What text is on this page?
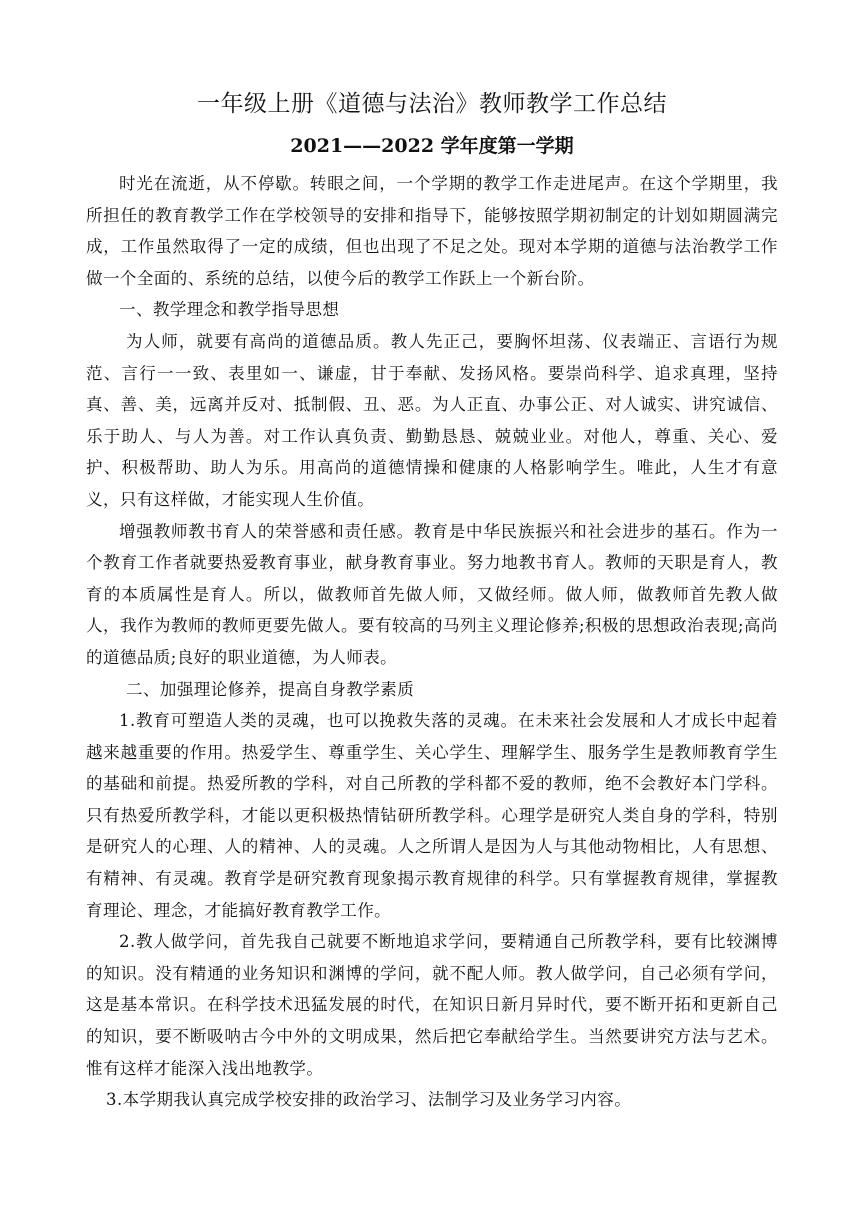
一年级上册《道德与法治》教师教学工作总结
2021——2022 学年度第一学期

时光在流逝，从不停歇。转眼之间，一个学期的教学工作走进尾声。在这个学期里，我所担任的教育教学工作在学校领导的安排和指导下，能够按照学期初制定的计划如期圆满完成，工作虽然取得了一定的成绩，但也出现了不足之处。现对本学期的道德与法治教学工作做一个全面的、系统的总结，以使今后的教学工作跃上一个新台阶。

一、教学理念和教学指导思想

为人师，就要有高尚的道德品质。教人先正己，要胸怀坦荡、仪表端正、言语行为规范、言行一一致、表里如一、谦虚，甘于奉献、发扬风格。要崇尚科学、追求真理，坚持真、善、美，远离并反对、抵制假、丑、恶。为人正直、办事公正、对人诚实、讲究诚信、乐于助人、与人为善。对工作认真负责、勤勤恳恳、兢兢业业。对他人，尊重、关心、爱护、积极帮助、助人为乐。用高尚的道德情操和健康的人格影响学生。唯此，人生才有意义，只有这样做，才能实现人生价值。

增强教师教书育人的荣誉感和责任感。教育是中华民族振兴和社会进步的基石。作为一个教育工作者就要热爱教育事业，献身教育事业。努力地教书育人。教师的天职是育人，教育的本质属性是育人。所以，做教师首先做人师，又做经师。做人师，做教师首先教人做人，我作为教师的教师更要先做人。要有较高的马列主义理论修养;积极的思想政治表现;高尚的道德品质;良好的职业道德，为人师表。

二、加强理论修养，提高自身教学素质

1.教育可塑造人类的灵魂，也可以挽救失落的灵魂。在未来社会发展和人才成长中起着越来越重要的作用。热爱学生、尊重学生、关心学生、理解学生、服务学生是教师教育学生的基础和前提。热爱所教的学科，对自己所教的学科都不爱的教师，绝不会教好本门学科。只有热爱所教学科，才能以更积极热情钻研所教学科。心理学是研究人类自身的学科，特别是研究人的心理、人的精神、人的灵魂。人之所谓人是因为人与其他动物相比，人有思想、有精神、有灵魂。教育学是研究教育现象揭示教育规律的科学。只有掌握教育规律，掌握教育理论、理念，才能搞好教育教学工作。

2.教人做学问，首先我自己就要不断地追求学问，要精通自己所教学科，要有比较渊博的知识。没有精通的业务知识和渊博的学问，就不配人师。教人做学问，自己必须有学问，这是基本常识。在科学技术迅猛发展的时代，在知识日新月异时代，要不断开拓和更新自己的知识，要不断吸呐古今中外的文明成果，然后把它奉献给学生。当然要讲究方法与艺术。惟有这样才能深入浅出地教学。

3.本学期我认真完成学校安排的政治学习、法制学习及业务学习内容。
